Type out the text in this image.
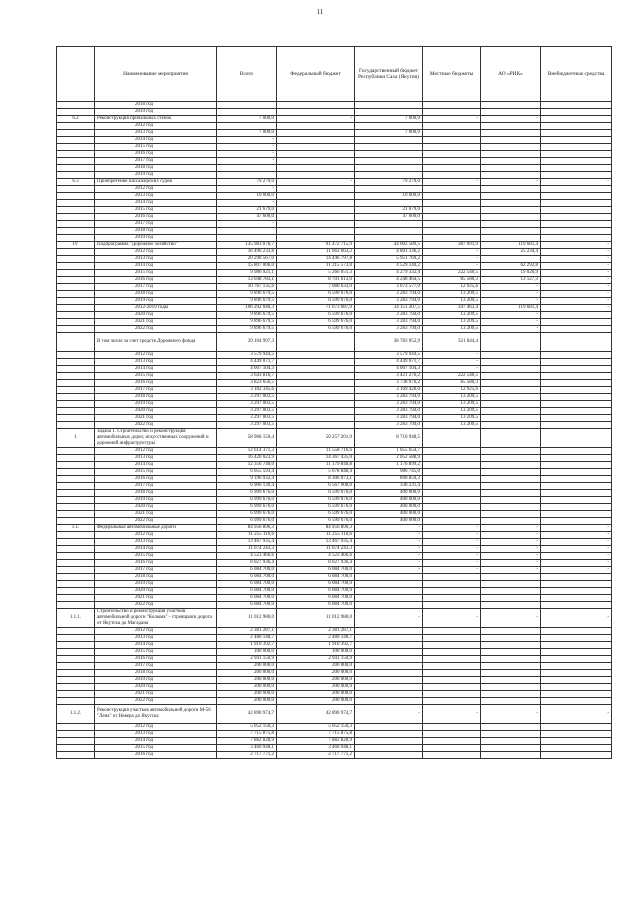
11
	Наименование мероприятия	Всего	Федеральный бюджет	Государственный бюджет Республики Саха (Якутия)	Местные бюджеты	АО «РИК»	Внебюджетные средства
	2018 год						
	2019 год						
6.2	Реконструкция причальных стенок	7 000,0	-	7 000,0	-	-	
	2012 год						
	2013 год	7 000,0		7 000,0			
	2014 год	-					
	2015 год	-					
	2016 год	-					
	2017 год	-					
	2018 год						
	2019 год						
6.3	Приобретение пассажирских судов	79 279,0	-	79 279,0	-	-	-
	2012 год	-					
	2013 год	10 000,0		10 000,0			
	2014 год	-					
	2015 год	21 679,0		21 679,0			
	2016 год	47 600,0		47 600,0			
	2017 год	-					
	2018 год						
	2019 год						
IV	Подпрограмма "Дорожное хозяйство"	135 983 078,7	91 472 715,9	44 002 589,5	387 091,9	119 681,4	-
	2012 год	16 490 233,8	11 663 663,2	4 801 336,2	-	25 234,4	-
	2013 год	20 298 567,0	14 446 797,8	5 951 769,2	-		-
	2014 год	15 807 006,0	11 215 573,0	4 529 140,2	-	62 292,8	-
	2015 год	9 986 921,1	5 266 051,3	4 279 332,4	222 540,5	19 026,9	-
	2016 год	13 048 783,1	8 701 613,0	4 248 464,5	85 580,3	13 127,3	-
	2017 год	10 767 135,6	7 080 633,0	3 673 577,0	12 925,6	-	-
	2018 год	9 896 679,5	6 599 676,0	3 283 794,0	13 209,5	-	-
	2019 год	9 896 679,5	6 599 676,0	3 283 794,0	13 209,5	-	-
	2012-2019 годы	106 292 040,3	71 673 687,9	34 151 207,5	347 463,4	119 681,4	-
	2020 год	9 896 679,5	6 599 676,0	3 283 794,0	13 209,5	-	
	2021 год	9 896 679,5	6 599 676,0	3 283 794,0	13 209,5	-	
	2022 год	9 896 679,5	6 599 676,0	3 283 794,0	13 209,5	-	
	В том числе за счет средств Дорожного фонда	39 104 997,3		38 783 952,9	321 044,4		
	2012 год	3 579 944,5		3 579 944,5	-		
	2013 год	4 449 071,7		4 449 071,7	-		
	2014 год	4 007 104,3		4 007 104,3	-		
	2015 год	3 643 816,7		3 421 276,2	222 540,5		
	2016 год	3 823 656,5		3 738 076,2	85 580,3		
	2017 год	3 182 345,6		3 169 420,0	12 925,6		
	2018 год	3 297 003,5		3 283 794,0	13 209,5		
	2019 год	3 297 003,5		3 283 794,0	13 209,5		
	2020 год	3 297 003,5		3 283 794,0	13 209,5		
	2021 год	3 297 003,5		3 283 794,0	13 209,5		
	2022 год	3 297 003,5		3 283 794,0	13 209,5		
1	Задача 1. Строительство и реконструкция автомобильных дорог, искусственных сооружений и дорожной инфраструктуры	58 968 150,4	50 257 201,9	8 710 948,5			
	2012 год	12 614 371,3	11 558 716,6	1 055 654,7			
	2013 год	16 420 023,9	14 367 435,0	2 052 588,9			
	2014 год	12 356 740,0	11 179 840,8	1 176 899,2			
	2015 год	6 055 593,4	5 078 848,4	986 745,0			
	2016 год	9 196 932,4	8 306 073,1	890 859,3			
	2017 год	6 906 139,4	6 567 908,0	338 231,4			
	2018 год	6 999 676,0	6 599 676,0	400 000,0			
	2019 год	6 999 676,0	6 599 676,0	400 000,0			
	2020 год	6 999 676,0	6 599 676,0	400 000,0			
	2021 год	6 999 676,0	6 599 676,0	400 000,0			
	2022 год	6 999 676,0	6 599 676,0	400 000,0			
1.1.	Федеральные автомобильные дороги	84 956 896,3	84 956 896,3	-	-	-	-
	2012 год	11 255 116,6	11 255 116,6	-	-	-	-
	2013 год	13 467 935,4	13 467 935,4	-	-	-	-
	2014 год	11 074 243,3	11 074 243,3	-	-	-	-
	2015 год	4 523 466,6	4 523 466,6	-	-	-	-
	2016 год	8 027 936,4	8 027 936,4	-	-	-	-
	2017 год	6 084 700,0	6 084 700,0	-	-	-	-
	2018 год	6 084 700,0	6 084 700,0				
	2019 год	6 084 700,0	6 084 700,0				
	2020 год	6 084 700,0	6 084 700,0				
	2021 год	6 084 700,0	6 084 700,0				
	2022 год	6 084 700,0	6 084 700,0				
1.1.1.	Строительство и реконструкция участков автомобильной дороги "Колыма" - строящаяся дорога от Якутска до Магадана	11 012 980,0	11 012 980,0	-	-	-	-
	2012 год	2 381 287,1	2 381 287,1				
	2013 год	2 480 148,7	2 480 148,7				
	2014 год	1 910 392,7	1 910 392,7				
	2015 год	100 000,0	100 000,0				
	2016 год	2 941 150,9	2 941 150,9				
	2017 год	200 000,0	200 000,0				
	2018 год	200 000,0	200 000,0				
	2019 год	200 000,0	200 000,0				
	2020 год	200 000,0	200 000,0				
	2021 год	200 000,0	200 000,0				
	2022 год	200 000,0	200 000,0				
1.1.2.	Реконструкция участков автомобильной дороги М-56 "Лена" от Невера до Якутска	42 890 974,7	42 890 974,7	-	-	-	-
	2012 год	5 052 150,3	5 052 150,3				
	2013 год	7 715 875,8	7 715 875,8				
	2014 год	7 882 828,9	7 882 828,9				
	2015 год	3 460 948,1	3 460 948,1				
	2016 год	2 717 771,2	2 717 771,2				
